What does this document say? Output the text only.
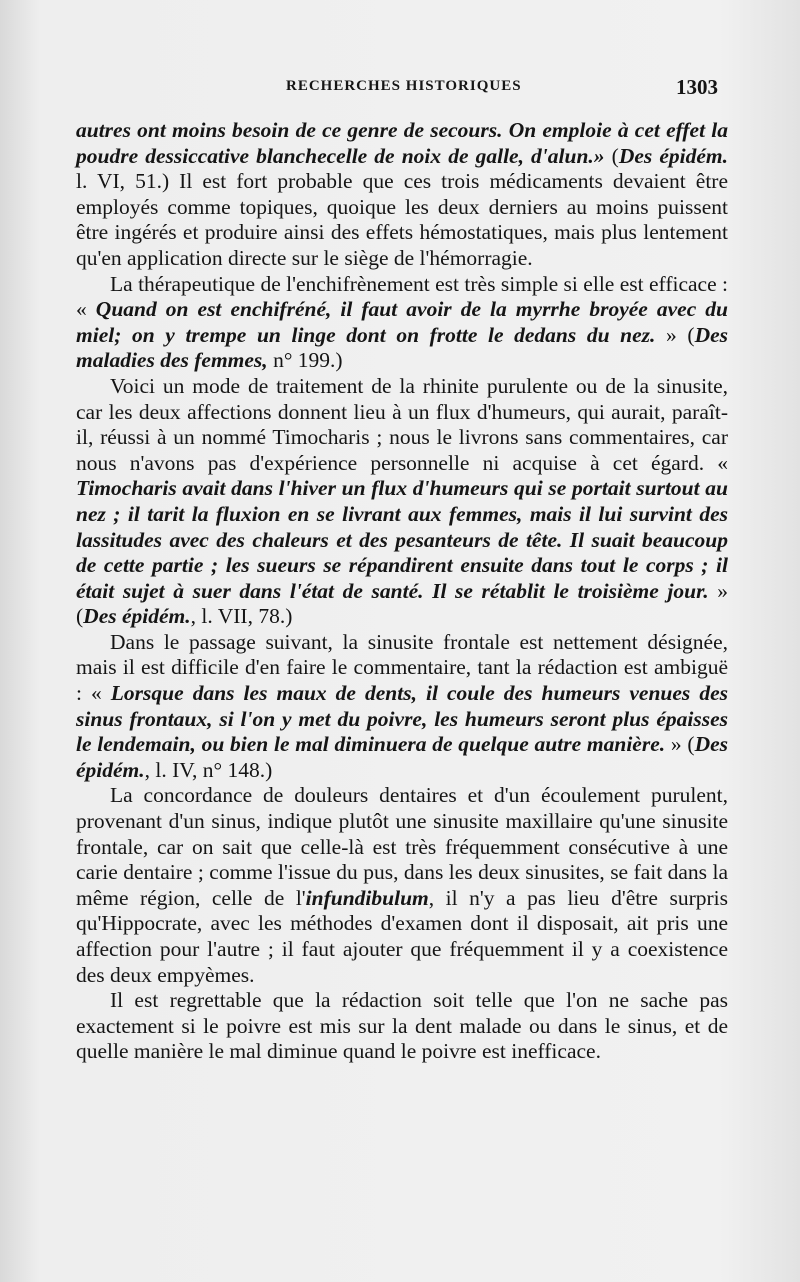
RECHERCHES HISTORIQUES	1303

autres ont moins besoin de ce genre de secours. On emploie à cet effet la poudre dessiccative blanchecelle de noix de galle, d'alun.» (Des épidém. l. VI, 51.) Il est fort probable que ces trois médicaments devaient être employés comme topiques, quoique les deux derniers au moins puissent être ingérés et produire ainsi des effets hémostatiques, mais plus lentement qu'en application directe sur le siège de l'hémorragie.

La thérapeutique de l'enchifrènement est très simple si elle est efficace : « Quand on est enchifréné, il faut avoir de la myrrhe broyée avec du miel; on y trempe un linge dont on frotte le dedans du nez. » (Des maladies des femmes, n° 199.)

Voici un mode de traitement de la rhinite purulente ou de la sinusite, car les deux affections donnent lieu à un flux d'humeurs, qui aurait, paraît-il, réussi à un nommé Timocharis ; nous le livrons sans commentaires, car nous n'avons pas d'expérience personnelle ni acquise à cet égard. « Timocharis avait dans l'hiver un flux d'humeurs qui se portait surtout au nez ; il tarit la fluxion en se livrant aux femmes, mais il lui survint des lassitudes avec des chaleurs et des pesanteurs de tête. Il suait beaucoup de cette partie ; les sueurs se répandirent ensuite dans tout le corps ; il était sujet à suer dans l'état de santé. Il se rétablit le troisième jour. » (Des épidém., l. VII, 78.)

Dans le passage suivant, la sinusite frontale est nettement désignée, mais il est difficile d'en faire le commentaire, tant la rédaction est ambiguë : « Lorsque dans les maux de dents, il coule des humeurs venues des sinus frontaux, si l'on y met du poivre, les humeurs seront plus épaisses le lendemain, ou bien le mal diminuera de quelque autre manière. » (Des épidém., l. IV, n° 148.)

La concordance de douleurs dentaires et d'un écoulement purulent, provenant d'un sinus, indique plutôt une sinusite maxillaire qu'une sinusite frontale, car on sait que celle-là est très fréquemment consécutive à une carie dentaire ; comme l'issue du pus, dans les deux sinusites, se fait dans la même région, celle de l'infundibulum, il n'y a pas lieu d'être surpris qu'Hippocrate, avec les méthodes d'examen dont il disposait, ait pris une affection pour l'autre ; il faut ajouter que fréquemment il y a coexistence des deux empyèmes.

Il est regrettable que la rédaction soit telle que l'on ne sache pas exactement si le poivre est mis sur la dent malade ou dans le sinus, et de quelle manière le mal diminue quand le poivre est inefficace.
